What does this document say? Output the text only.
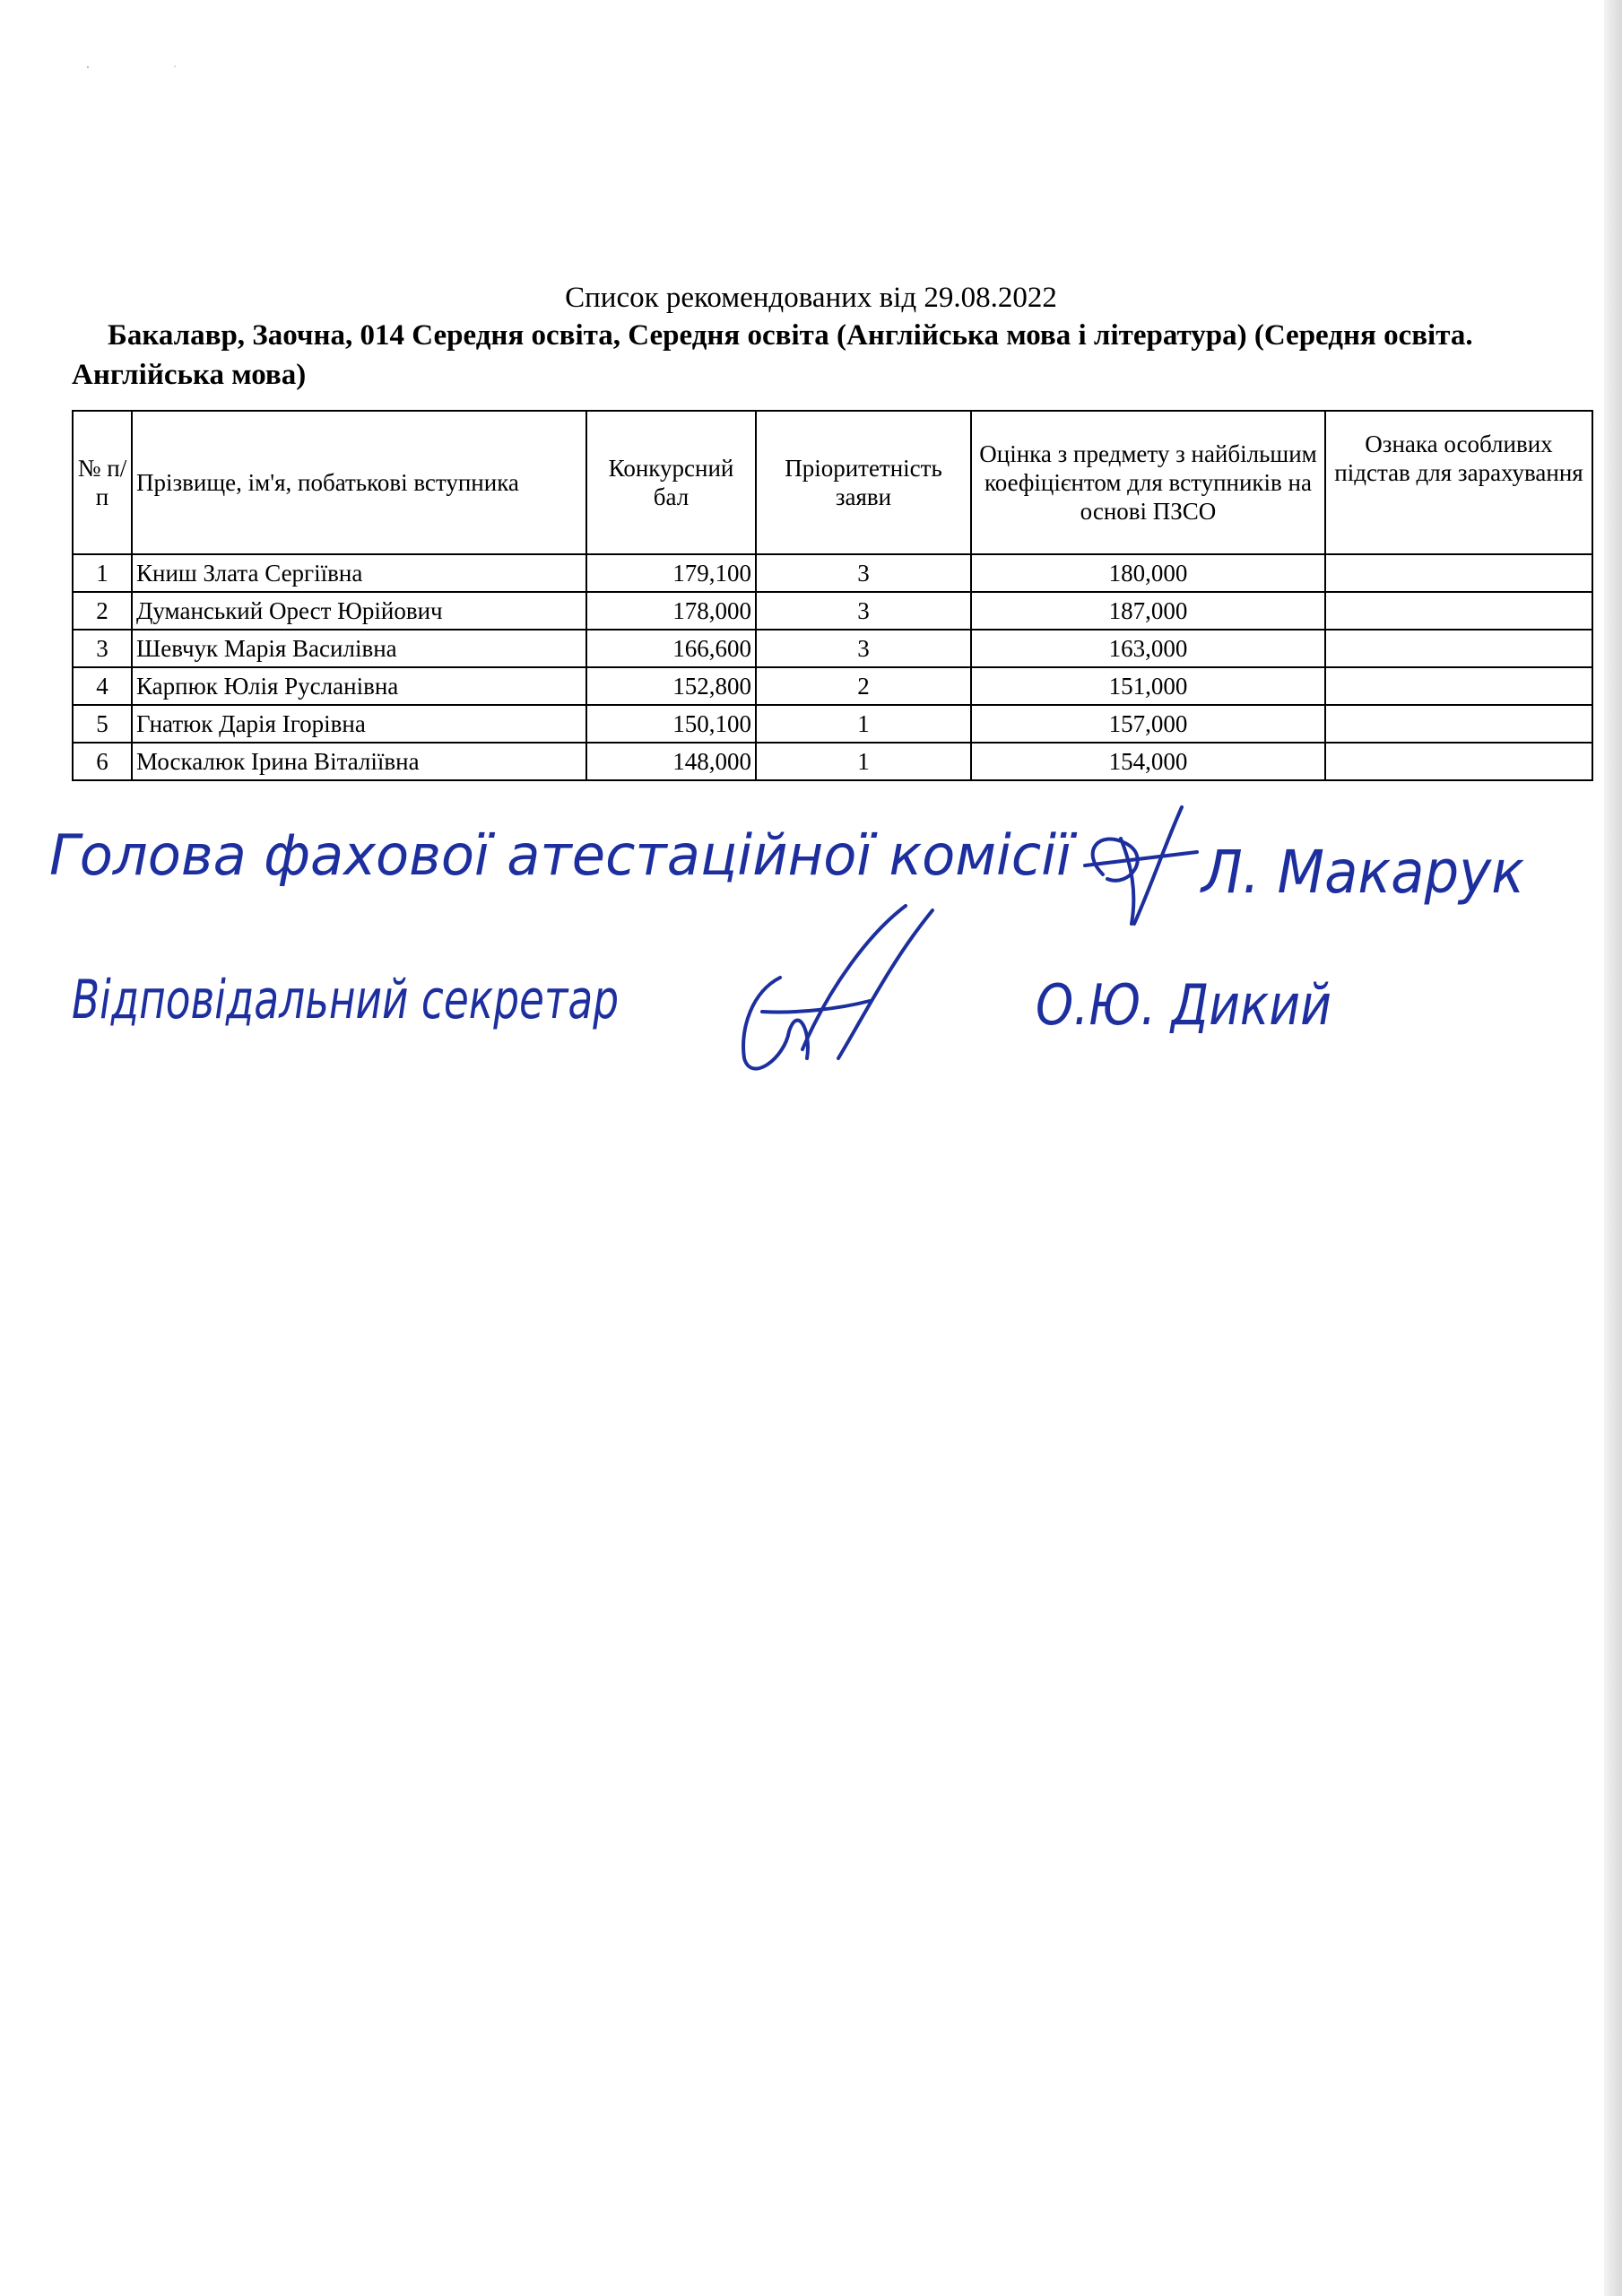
Список рекомендованих від 29.08.2022
Бакалавр, Заочна, 014 Середня освіта, Середня освіта (Англійська мова і література) (Середня освіта. Англійська мова)
№ п/п	Прізвище, ім'я, побатькові вступника	Конкурсний бал	Пріоритетність заяви	Оцінка з предмету з найбільшим коефіцієнтом для вступників на основі ПЗСО	Ознака особливих підстав для зарахування
1	Книш Злата Сергіївна	179,100	3	180,000	
2	Думанський Орест Юрійович	178,000	3	187,000	
3	Шевчук Марія Василівна	166,600	3	163,000	
4	Карпюк Юлія Русланівна	152,800	2	151,000	
5	Гнатюк Дарія Ігорівна	150,100	1	157,000	
6	Москалюк Ірина Віталіївна	148,000	1	154,000	
Голова фахової атестаційної комісії Л. Макарук
Відповідальний секретар	О.Ю. Дикий
